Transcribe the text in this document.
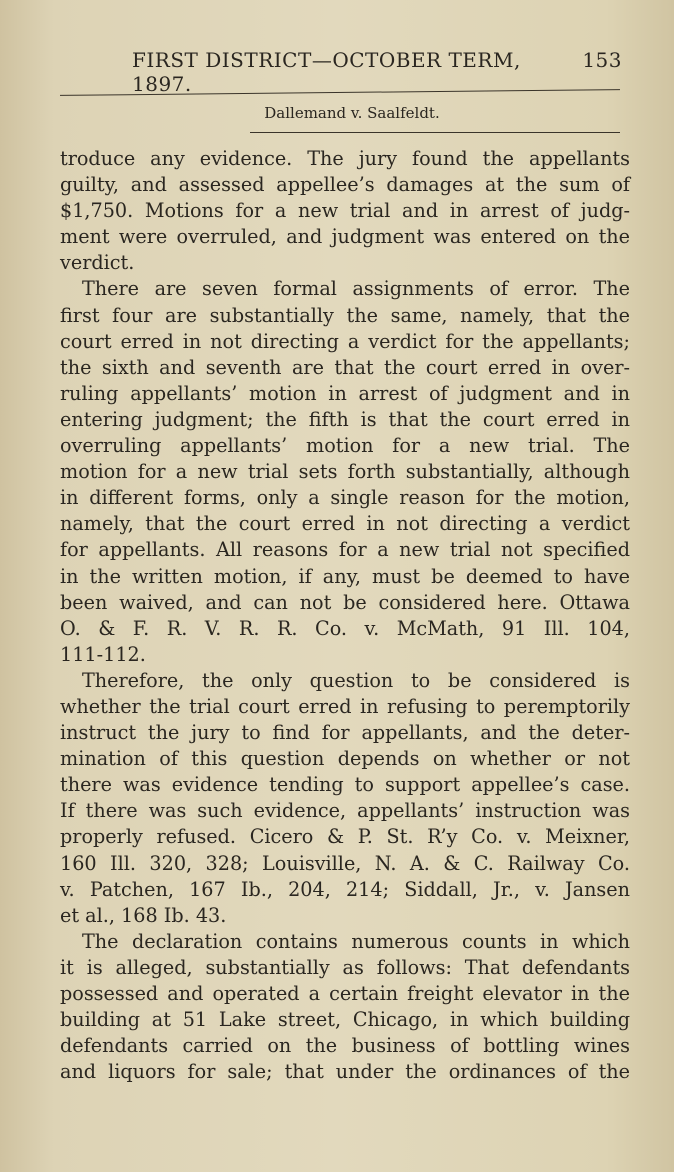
FIRST DISTRICT—OCTOBER TERM, 1897.
153
Dallemand v. Saalfeldt.
troduce any evidence. The jury found the appellants
guilty, and assessed appellee’s damages at the sum of
$1,750. Motions for a new trial and in arrest of judg-
ment were overruled, and judgment was entered on the
verdict.
There are seven formal assignments of error. The
first four are substantially the same, namely, that the
court erred in not directing a verdict for the appellants;
the sixth and seventh are that the court erred in over-
ruling appellants’ motion in arrest of judgment and in
entering judgment; the fifth is that the court erred in
overruling appellants’ motion for a new trial. The
motion for a new trial sets forth substantially, although
in different forms, only a single reason for the motion,
namely, that the court erred in not directing a verdict
for appellants. All reasons for a new trial not specified
in the written motion, if any, must be deemed to have
been waived, and can not be considered here. Ottawa
O. & F. R. V. R. R. Co. v. McMath, 91 Ill. 104,
111-112.
Therefore, the only question to be considered is
whether the trial court erred in refusing to peremptorily
instruct the jury to find for appellants, and the deter-
mination of this question depends on whether or not
there was evidence tending to support appellee’s case.
If there was such evidence, appellants’ instruction was
properly refused. Cicero & P. St. R’y Co. v. Meixner,
160 Ill. 320, 328; Louisville, N. A. & C. Railway Co.
v. Patchen, 167 Ib., 204, 214; Siddall, Jr., v. Jansen
et al., 168 Ib. 43.
The declaration contains numerous counts in which
it is alleged, substantially as follows: That defendants
possessed and operated a certain freight elevator in the
building at 51 Lake street, Chicago, in which building
defendants carried on the business of bottling wines
and liquors for sale; that under the ordinances of the
